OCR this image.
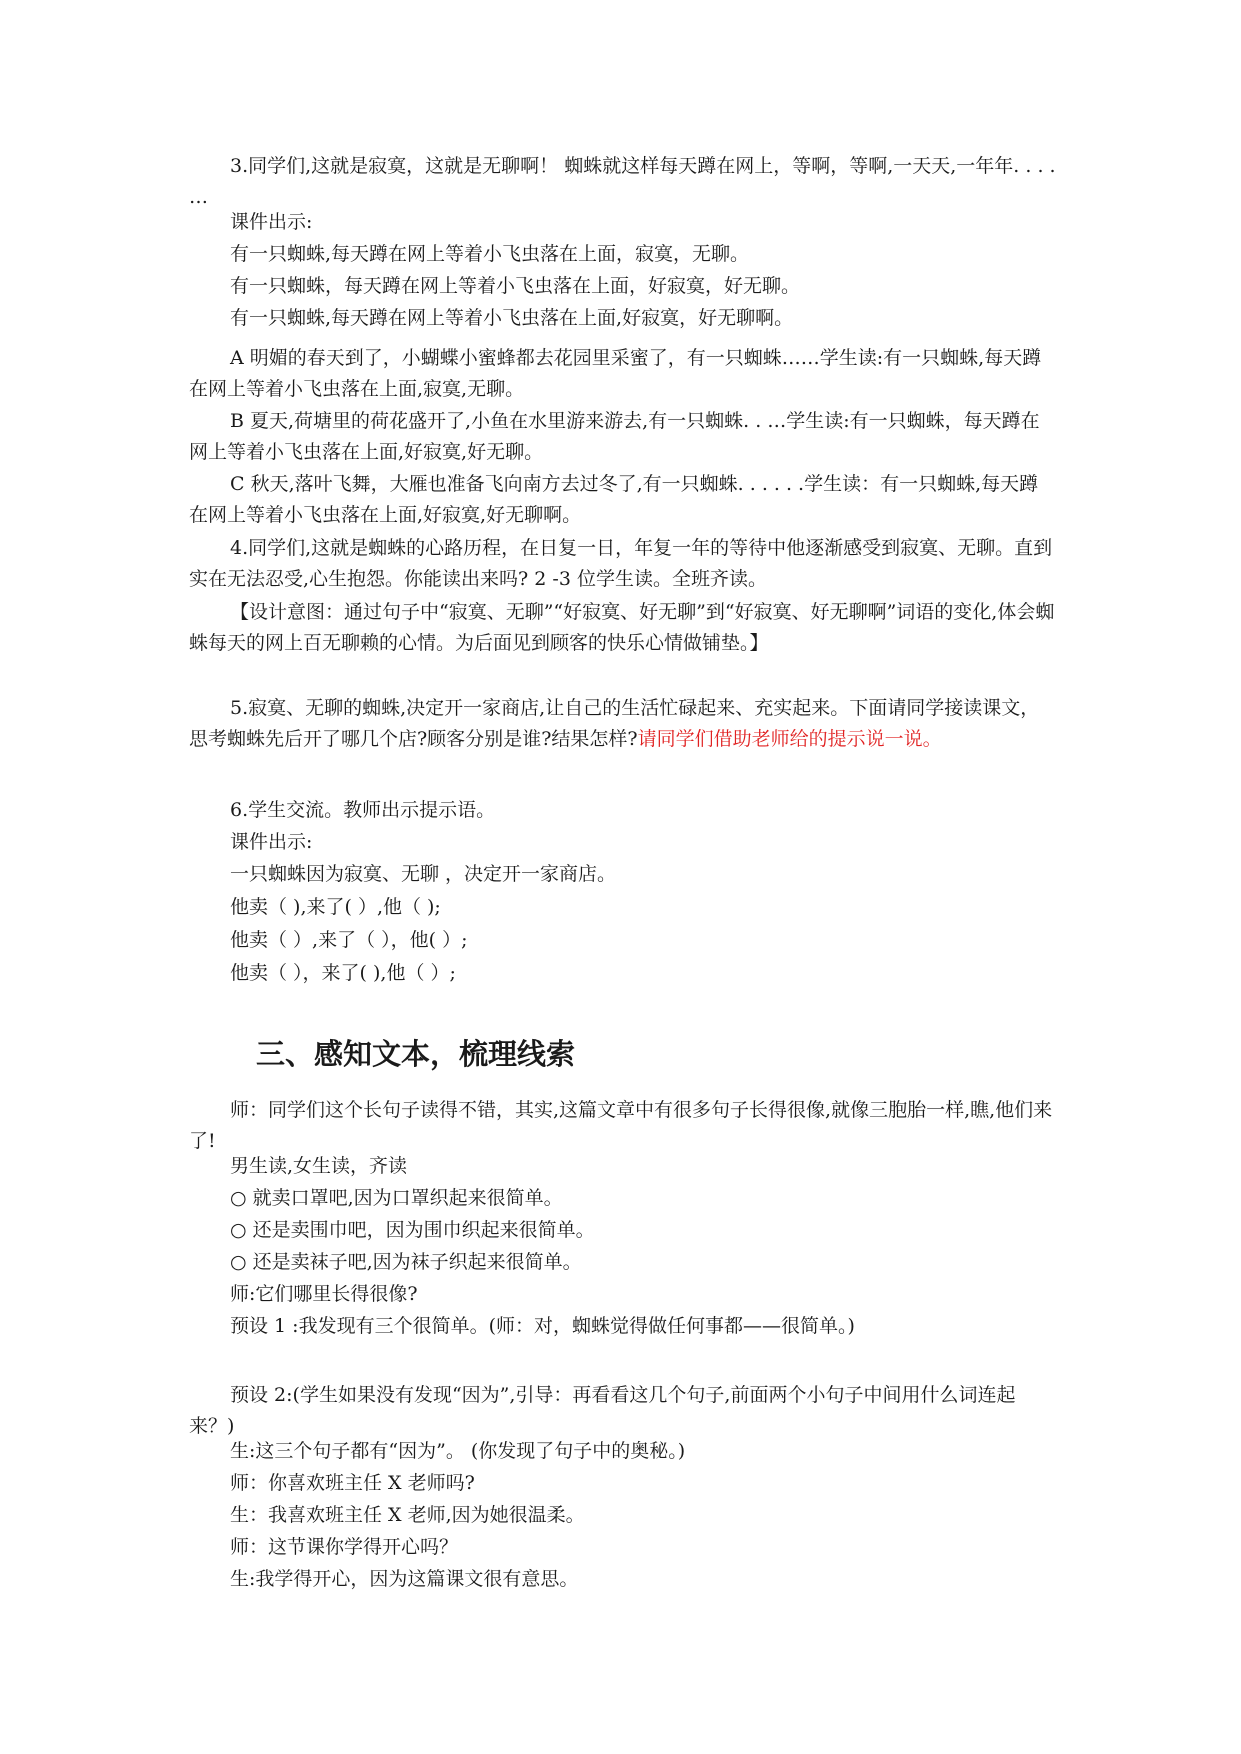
3.同学们,这就是寂寞，这就是无聊啊！ 蜘蛛就这样每天蹲在网上，等啊，等啊,一天天,一年年. . . . …

课件出示:

有一只蜘蛛,每天蹲在网上等着小飞虫落在上面，寂寞，无聊。

有一只蜘蛛，每天蹲在网上等着小飞虫落在上面，好寂寞，好无聊。

有一只蜘蛛,每天蹲在网上等着小飞虫落在上面,好寂寞，好无聊啊。

A 明媚的春天到了，小蝴蝶小蜜蜂都去花园里采蜜了，有一只蜘蛛……学生读:有一只蜘蛛,每天蹲在网上等着小飞虫落在上面,寂寞,无聊。

B 夏天,荷塘里的荷花盛开了,小鱼在水里游来游去,有一只蜘蛛. . …学生读:有一只蜘蛛，每天蹲在网上等着小飞虫落在上面,好寂寞,好无聊。

C 秋天,落叶飞舞，大雁也准备飞向南方去过冬了,有一只蜘蛛. . . . . .学生读：有一只蜘蛛,每天蹲在网上等着小飞虫落在上面,好寂寞,好无聊啊。

4.同学们,这就是蜘蛛的心路历程，在日复一日，年复一年的等待中他逐渐感受到寂寞、无聊。直到实在无法忍受,心生抱怨。你能读出来吗? 2 -3 位学生读。全班齐读。

【设计意图：通过句子中“寂寞、无聊”“好寂寞、好无聊”到“好寂寞、好无聊啊”词语的变化,体会蜘蛛每天的网上百无聊赖的心情。为后面见到顾客的快乐心情做铺垫。】

5.寂寞、无聊的蜘蛛,决定开一家商店,让自己的生活忙碌起来、充实起来。下面请同学接读课文，思考蜘蛛先后开了哪几个店?顾客分别是谁?结果怎样?请同学们借助老师给的提示说一说。

6.学生交流。教师出示提示语。

课件出示:

一只蜘蛛因为寂寞、无聊 ，决定开一家商店。

他卖（ ),来了( ）,他（ );

他卖（ ）,来了（ ），他( ）;

他卖（ ），来了( ),他（ ）;

三、感知文本，梳理线索

师：同学们这个长句子读得不错，其实,这篇文章中有很多句子长得很像,就像三胞胎一样,瞧,他们来了!

男生读,女生读，齐读

○ 就卖口罩吧,因为口罩织起来很简单。

○ 还是卖围巾吧，因为围巾织起来很简单。

○ 还是卖袜子吧,因为袜子织起来很简单。

师:它们哪里长得很像?

预设 1 :我发现有三个很简单。(师：对，蜘蛛觉得做任何事都——很简单。)

预设 2:(学生如果没有发现“因为”,引导：再看看这几个句子,前面两个小句子中间用什么词连起来？)

生:这三个句子都有“因为”。 (你发现了句子中的奥秘。)

师：你喜欢班主任 X 老师吗?

生：我喜欢班主任 X 老师,因为她很温柔。

师：这节课你学得开心吗？

生:我学得开心，因为这篇课文很有意思。
